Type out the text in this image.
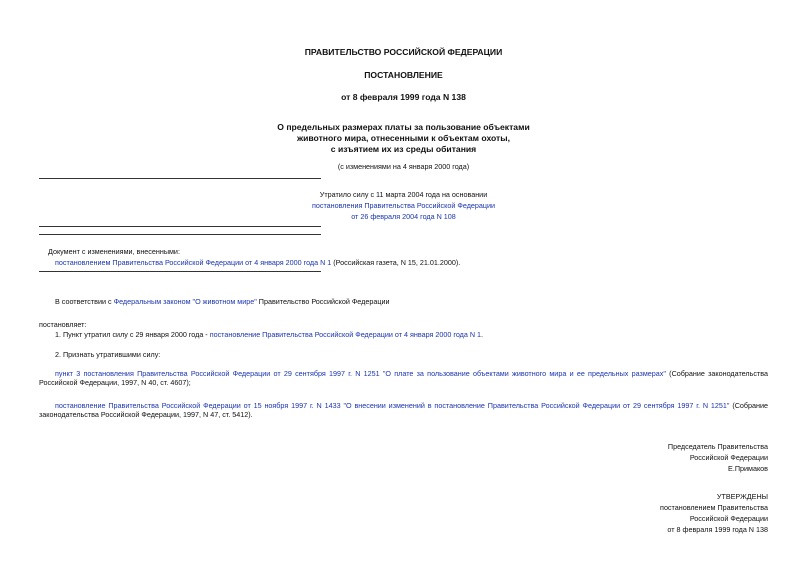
ПРАВИТЕЛЬСТВО РОССИЙСКОЙ ФЕДЕРАЦИИ
ПОСТАНОВЛЕНИЕ
от 8 февраля 1999 года N 138
О предельных размерах платы за пользование объектами
животного мира, отнесенными к объектам охоты,
с изъятием их из среды обитания
(с изменениями на 4 января 2000 года)
Утратило силу с 11 марта 2004 года на основании
постановления Правительства Российской Федерации
от 26 февраля 2004 года N 108
Документ с изменениями, внесенными:
постановлением Правительства Российской Федерации от 4 января 2000 года N 1 (Российская газета, N 15, 21.01.2000).
В соответствии с Федеральным законом "О животном мире" Правительство Российской Федерации
постановляет:
1. Пункт утратил силу с 29 января 2000 года - постановление Правительства Российской Федерации от 4 января 2000 года N 1.
2. Признать утратившими силу:
пункт 3 постановления Правительства Российской Федерации от 29 сентября 1997 г. N 1251 "О плате за пользование объектами животного мира и ее предельных размерах" (Собрание законодательства Российской Федерации, 1997, N 40, ст. 4607);
постановление Правительства Российской Федерации от 15 ноября 1997 г. N 1433 "О внесении изменений в постановление Правительства Российской Федерации от 29 сентября 1997 г. N 1251" (Собрание законодательства Российской Федерации, 1997, N 47, ст. 5412).
Председатель Правительства
Российской Федерации
Е.Примаков
УТВЕРЖДЕНЫ
постановлением Правительства
Российской Федерации
от 8 февраля 1999 года N 138
